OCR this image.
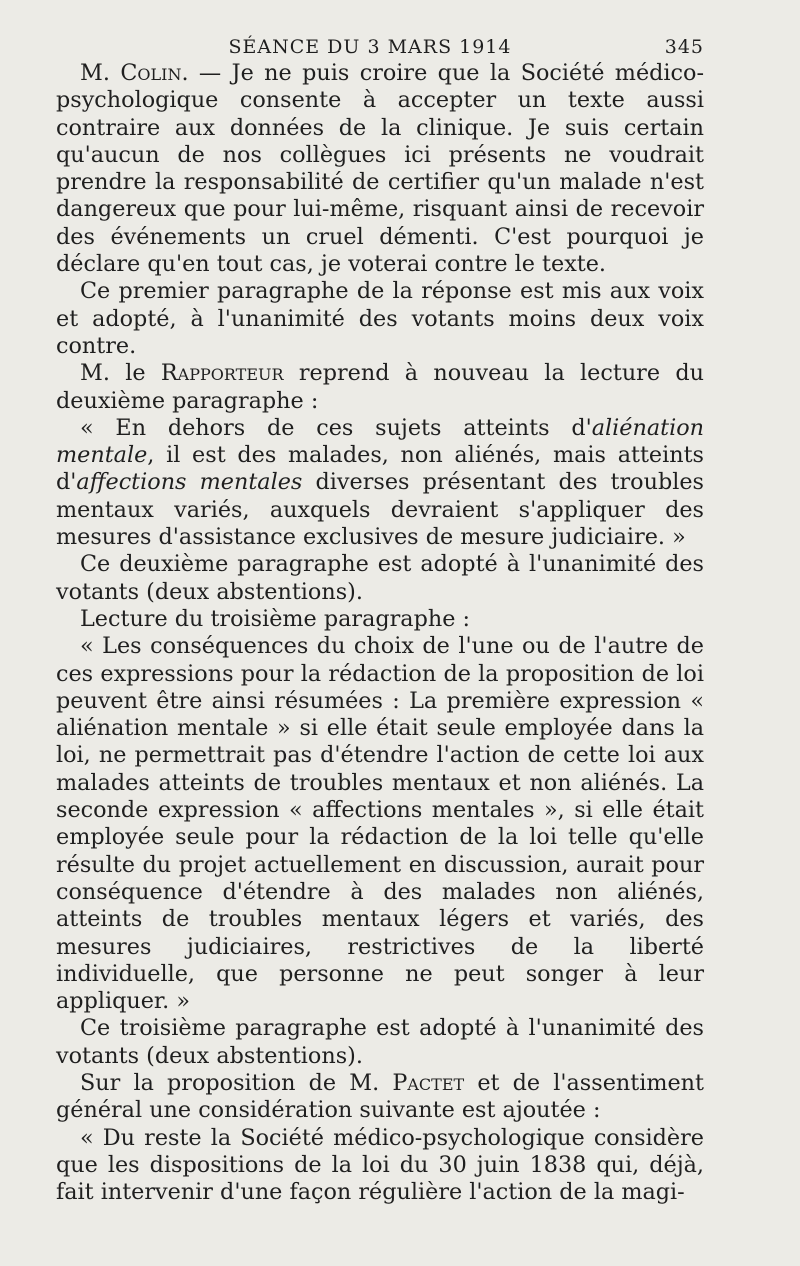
SÉANCE DU 3 MARS 1914	345

M. Colin. — Je ne puis croire que la Société médico-psychologique consente à accepter un texte aussi contraire aux données de la clinique. Je suis certain qu'aucun de nos collègues ici présents ne voudrait prendre la responsabilité de certifier qu'un malade n'est dangereux que pour lui-même, risquant ainsi de recevoir des événements un cruel démenti. C'est pourquoi je déclare qu'en tout cas, je voterai contre le texte.

Ce premier paragraphe de la réponse est mis aux voix et adopté, à l'unanimité des votants moins deux voix contre.

M. le Rapporteur reprend à nouveau la lecture du deuxième paragraphe :

« En dehors de ces sujets atteints d'aliénation mentale, il est des malades, non aliénés, mais atteints d'affections mentales diverses présentant des troubles mentaux variés, auxquels devraient s'appliquer des mesures d'assistance exclusives de mesure judiciaire. »

Ce deuxième paragraphe est adopté à l'unanimité des votants (deux abstentions).

Lecture du troisième paragraphe :

« Les conséquences du choix de l'une ou de l'autre de ces expressions pour la rédaction de la proposition de loi peuvent être ainsi résumées : La première expression « aliénation mentale » si elle était seule employée dans la loi, ne permettrait pas d'étendre l'action de cette loi aux malades atteints de troubles mentaux et non aliénés. La seconde expression « affections mentales », si elle était employée seule pour la rédaction de la loi telle qu'elle résulte du projet actuellement en discussion, aurait pour conséquence d'étendre à des malades non aliénés, atteints de troubles mentaux légers et variés, des mesures judiciaires, restrictives de la liberté individuelle, que personne ne peut songer à leur appliquer. »

Ce troisième paragraphe est adopté à l'unanimité des votants (deux abstentions).

Sur la proposition de M. Pactet et de l'assentiment général une considération suivante est ajoutée :

« Du reste la Société médico-psychologique considère que les dispositions de la loi du 30 juin 1838 qui, déjà, fait intervenir d'une façon régulière l'action de la magi-
